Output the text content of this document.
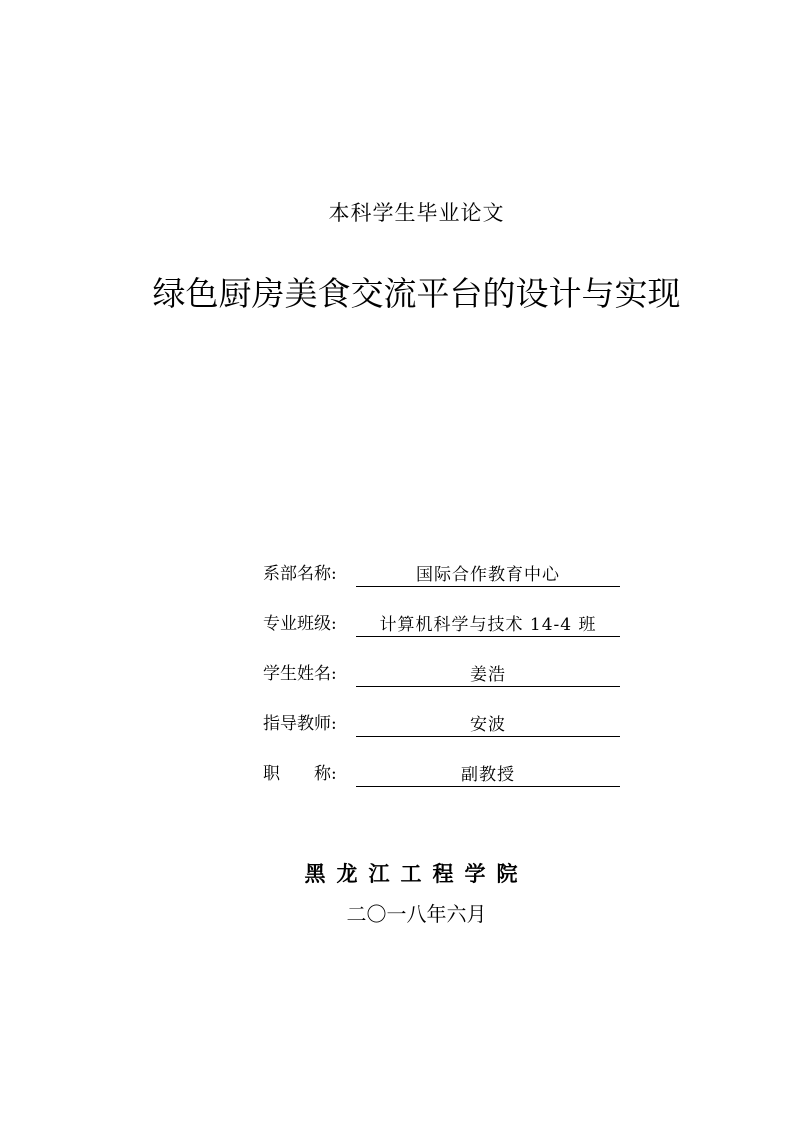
本科学生毕业论文
绿色厨房美食交流平台的设计与实现
系部名称:	国际合作教育中心
专业班级:	计算机科学与技术 14-4 班
学生姓名:	姜浩
指导教师:	安波
职　　称:	副教授
黑龙江工程学院
二〇一八年六月
